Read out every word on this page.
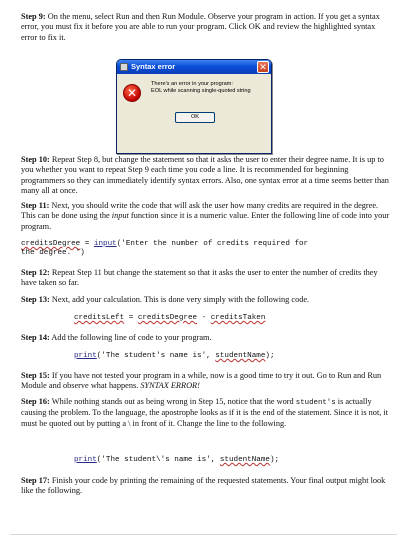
Step 9: On the menu, select Run and then Run Module. Observe your program in action. If you get a syntax error, you must fix it before you are able to run your program. Click OK and review the highlighted syntax error to fix it.
Syntax error	✕
✕
There's an error in your program:
EOL while scanning single-quoted string
OK
Step 10: Repeat Step 8, but change the statement so that it asks the user to enter their degree name. It is up to you whether you want to repeat Step 9 each time you code a line. It is recommended for beginning programmers so they can immediately identify syntax errors. Also, one syntax error at a time seems better than many all at once.
Step 11: Next, you should write the code that will ask the user how many credits are required in the degree. This can be done using the input function since it is a numeric value. Enter the following line of code into your program.
creditsDegree = input('Enter the number of credits required for
the degree. ')
Step 12: Repeat Step 11 but change the statement so that it asks the user to enter the number of credits they have taken so far.
Step 13: Next, add your calculation. This is done very simply with the following code.
creditsLeft = creditsDegree - creditsTaken
Step 14: Add the following line of code to your program.
print('The student's name is', studentName);
Step 15: If you have not tested your program in a while, now is a good time to try it out. Go to Run and Run Module and observe what happens. SYNTAX ERROR!
Step 16: While nothing stands out as being wrong in Step 15, notice that the word student's is actually causing the problem. To the language, the apostrophe looks as if it is the end of the statement. Since it is not, it must be quoted out by putting a \ in front of it. Change the line to the following.
print('The student\'s name is', studentName);
Step 17: Finish your code by printing the remaining of the requested statements. Your final output might look like the following.
